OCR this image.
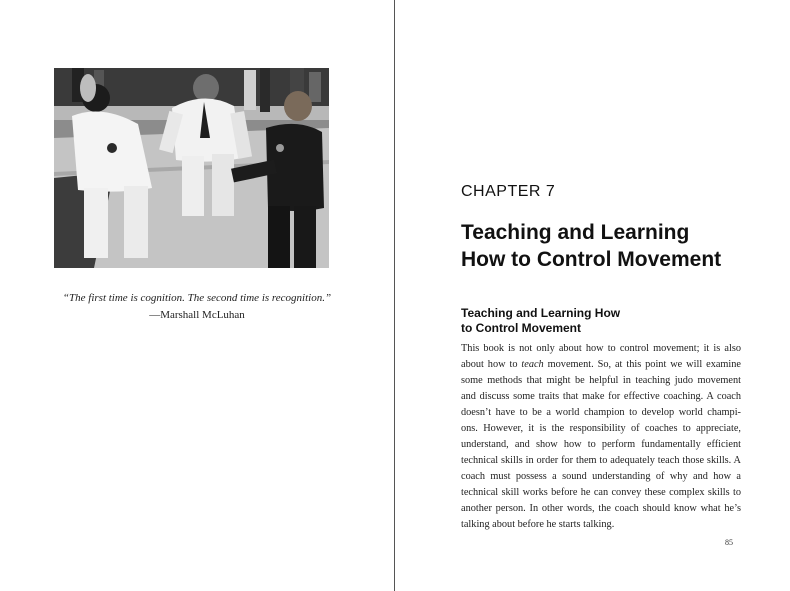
“The first time is cognition. The second time is recognition.”
—Marshall McLuhan
CHAPTER 7
Teaching and Learning
How to Control Movement
Teaching and Learning How
to Control Movement
This book is not only about how to control movement; it is also
about how to teach movement. So, at this point we will examine
some methods that might be helpful in teaching judo movement
and discuss some traits that make for effective coaching. A coach
doesn’t have to be a world champion to develop world champi-
ons. However, it is the responsibility of coaches to appreciate,
understand, and show how to perform fundamentally efficient
technical skills in order for them to adequately teach those skills. A
coach must possess a sound understanding of why and how a
technical skill works before he can convey these complex skills to
another person. In other words, the coach should know what he’s
talking about before he starts talking.
85
